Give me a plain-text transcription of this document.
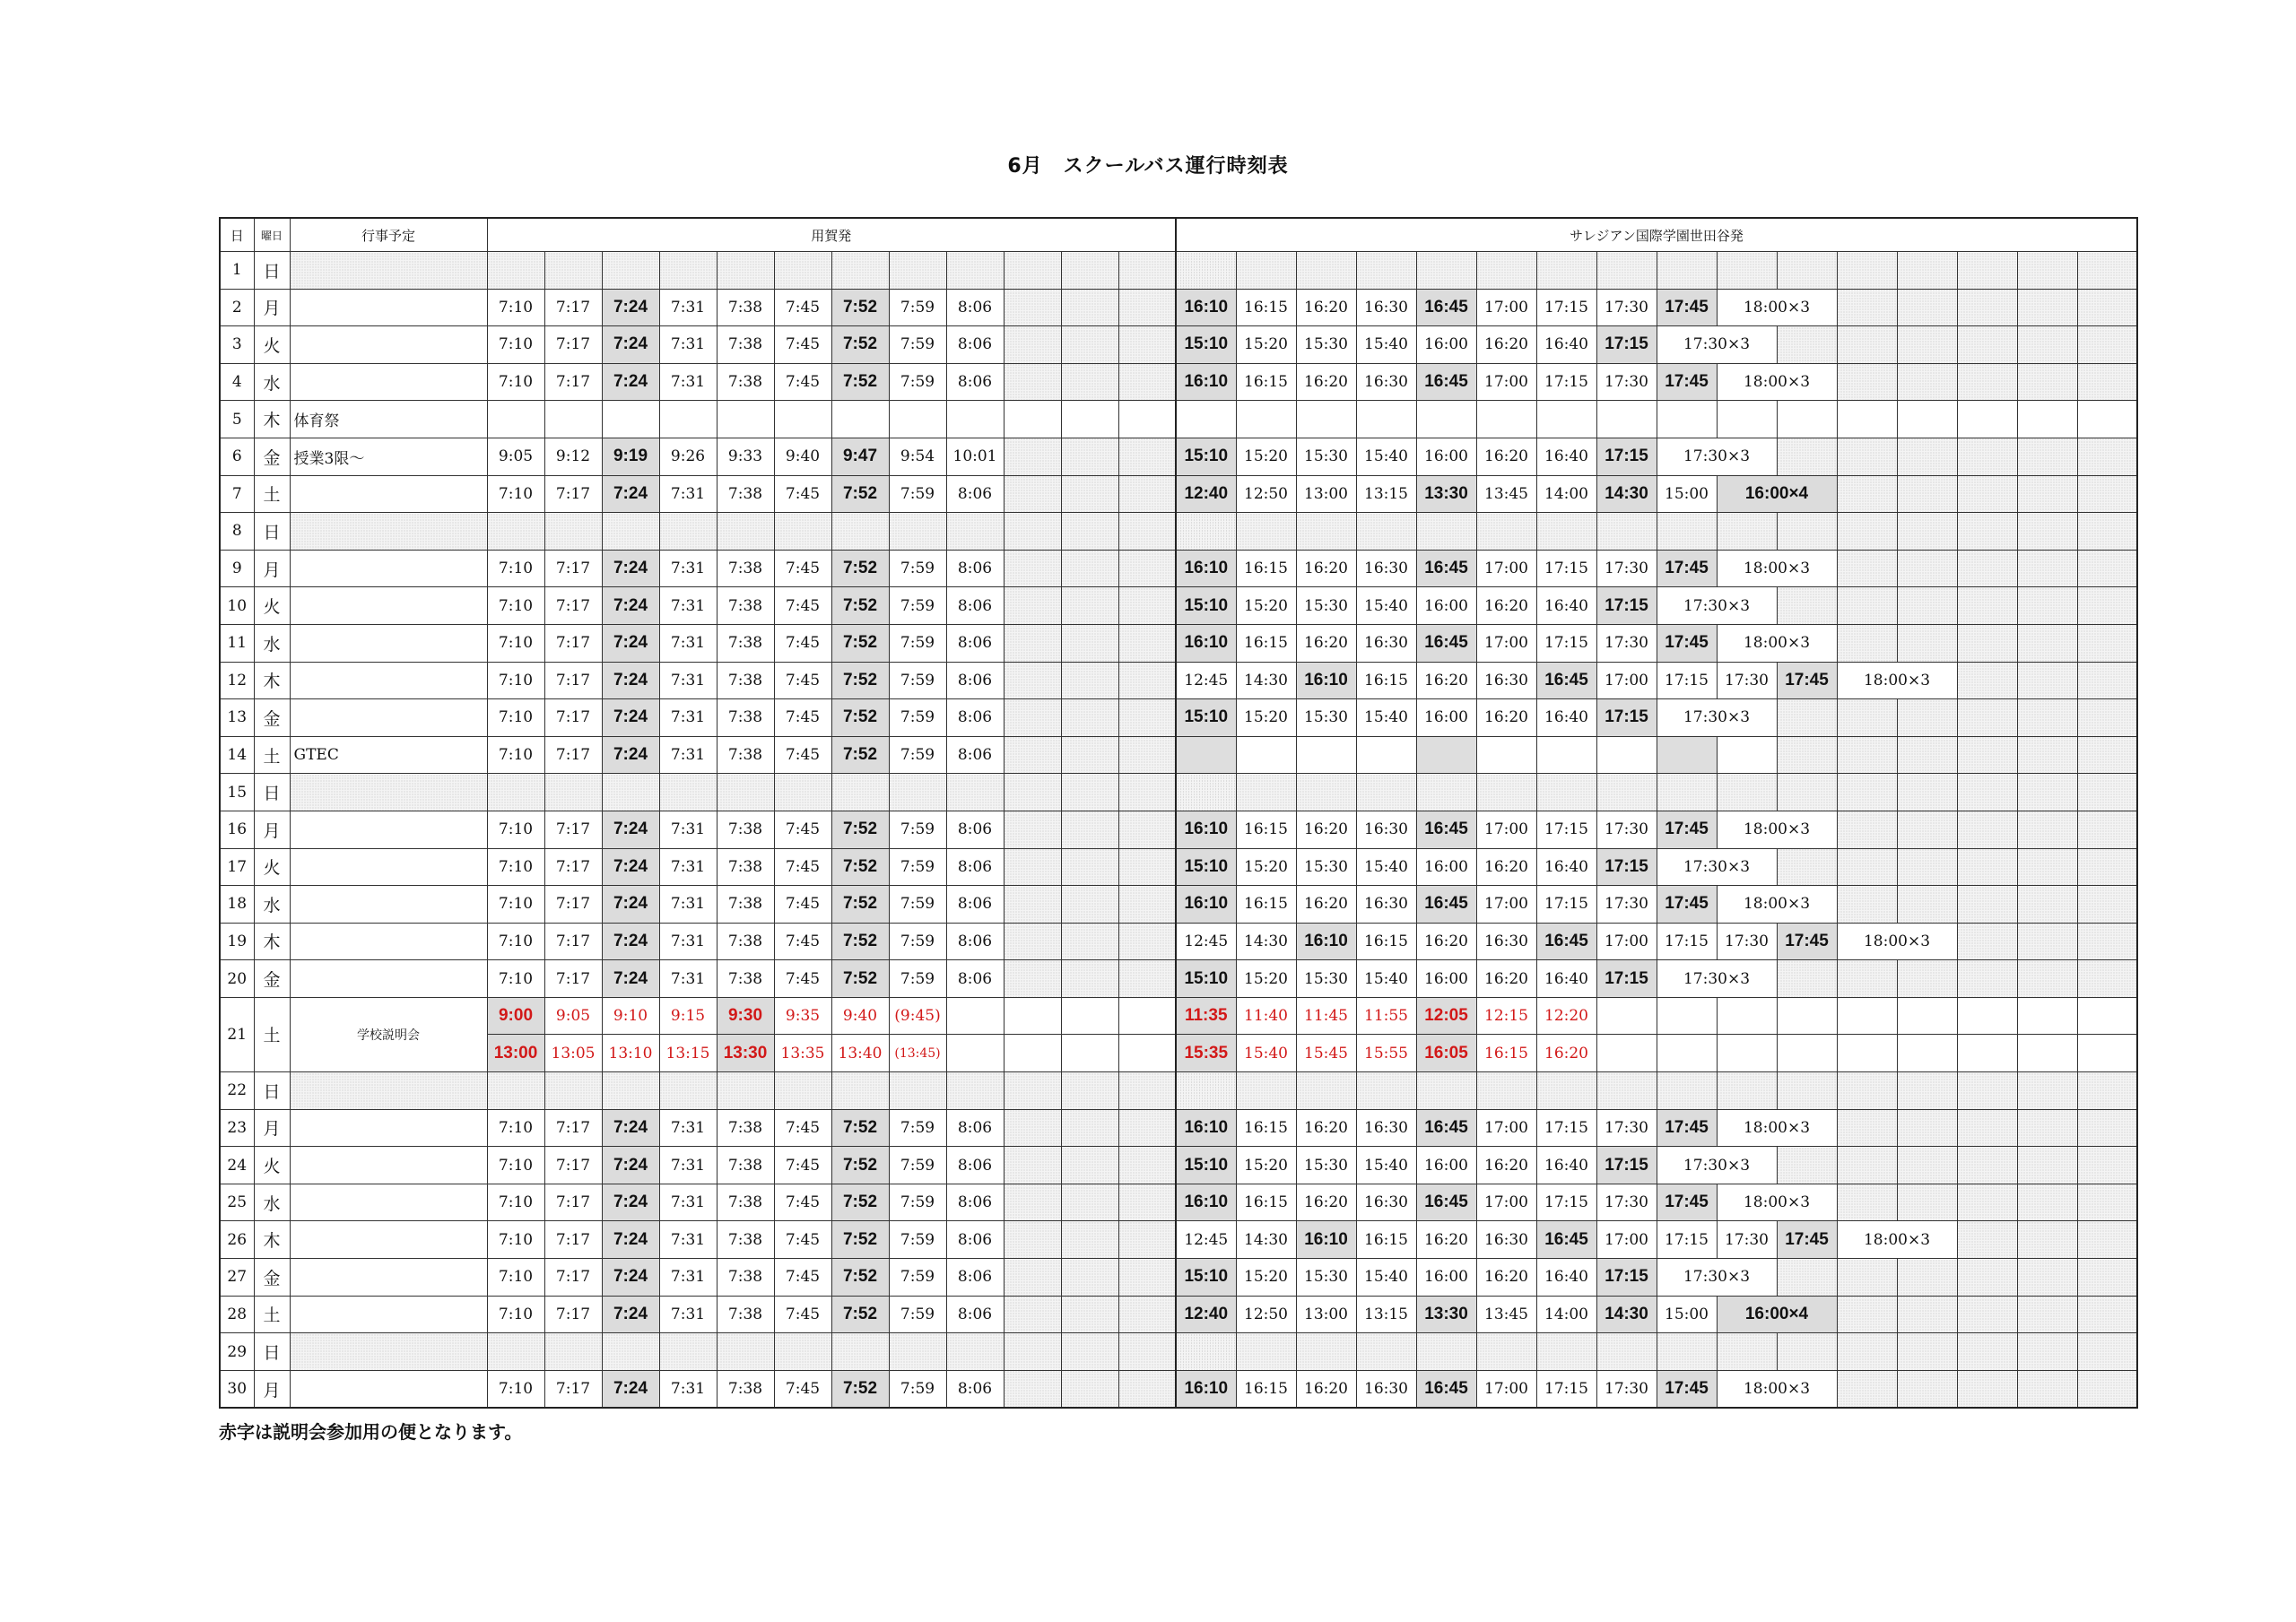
6月　スクールバス運行時刻表
日	曜日	行事予定	用賀発												サレジアン国際学園世田谷発															
1	日																													
2	月		7:10	7:17	7:24	7:31	7:38	7:45	7:52	7:59	8:06				16:10	16:15	16:20	16:30	16:45	17:00	17:15	17:30	17:45	18:00×3						
3	火		7:10	7:17	7:24	7:31	7:38	7:45	7:52	7:59	8:06				15:10	15:20	15:30	15:40	16:00	16:20	16:40	17:15	17:30×3							
4	水		7:10	7:17	7:24	7:31	7:38	7:45	7:52	7:59	8:06				16:10	16:15	16:20	16:30	16:45	17:00	17:15	17:30	17:45	18:00×3						
5	木	体育祭																												
6	金	授業3限～	9:05	9:12	9:19	9:26	9:33	9:40	9:47	9:54	10:01				15:10	15:20	15:30	15:40	16:00	16:20	16:40	17:15	17:30×3							
7	土		7:10	7:17	7:24	7:31	7:38	7:45	7:52	7:59	8:06				12:40	12:50	13:00	13:15	13:30	13:45	14:00	14:30	15:00	16:00×4						
8	日																													
9	月		7:10	7:17	7:24	7:31	7:38	7:45	7:52	7:59	8:06				16:10	16:15	16:20	16:30	16:45	17:00	17:15	17:30	17:45	18:00×3						
10	火		7:10	7:17	7:24	7:31	7:38	7:45	7:52	7:59	8:06				15:10	15:20	15:30	15:40	16:00	16:20	16:40	17:15	17:30×3							
11	水		7:10	7:17	7:24	7:31	7:38	7:45	7:52	7:59	8:06				16:10	16:15	16:20	16:30	16:45	17:00	17:15	17:30	17:45	18:00×3						
12	木		7:10	7:17	7:24	7:31	7:38	7:45	7:52	7:59	8:06				12:45	14:30	16:10	16:15	16:20	16:30	16:45	17:00	17:15	17:30	17:45	18:00×3				
13	金		7:10	7:17	7:24	7:31	7:38	7:45	7:52	7:59	8:06				15:10	15:20	15:30	15:40	16:00	16:20	16:40	17:15	17:30×3							
14	土	GTEC	7:10	7:17	7:24	7:31	7:38	7:45	7:52	7:59	8:06																			
15	日																													
16	月		7:10	7:17	7:24	7:31	7:38	7:45	7:52	7:59	8:06				16:10	16:15	16:20	16:30	16:45	17:00	17:15	17:30	17:45	18:00×3						
17	火		7:10	7:17	7:24	7:31	7:38	7:45	7:52	7:59	8:06				15:10	15:20	15:30	15:40	16:00	16:20	16:40	17:15	17:30×3							
18	水		7:10	7:17	7:24	7:31	7:38	7:45	7:52	7:59	8:06				16:10	16:15	16:20	16:30	16:45	17:00	17:15	17:30	17:45	18:00×3						
19	木		7:10	7:17	7:24	7:31	7:38	7:45	7:52	7:59	8:06				12:45	14:30	16:10	16:15	16:20	16:30	16:45	17:00	17:15	17:30	17:45	18:00×3				
20	金		7:10	7:17	7:24	7:31	7:38	7:45	7:52	7:59	8:06				15:10	15:20	15:30	15:40	16:00	16:20	16:40	17:15	17:30×3							
21	土	学校説明会	9:00	9:05	9:10	9:15	9:30	9:35	9:40	(9:45)					11:35	11:40	11:45	11:55	12:05	12:15	12:20									
			13:00	13:05	13:10	13:15	13:30	13:35	13:40	(13:45)					15:35	15:40	15:45	15:55	16:05	16:15	16:20									
22	日																													
23	月		7:10	7:17	7:24	7:31	7:38	7:45	7:52	7:59	8:06				16:10	16:15	16:20	16:30	16:45	17:00	17:15	17:30	17:45	18:00×3						
24	火		7:10	7:17	7:24	7:31	7:38	7:45	7:52	7:59	8:06				15:10	15:20	15:30	15:40	16:00	16:20	16:40	17:15	17:30×3							
25	水		7:10	7:17	7:24	7:31	7:38	7:45	7:52	7:59	8:06				16:10	16:15	16:20	16:30	16:45	17:00	17:15	17:30	17:45	18:00×3						
26	木		7:10	7:17	7:24	7:31	7:38	7:45	7:52	7:59	8:06				12:45	14:30	16:10	16:15	16:20	16:30	16:45	17:00	17:15	17:30	17:45	18:00×3				
27	金		7:10	7:17	7:24	7:31	7:38	7:45	7:52	7:59	8:06				15:10	15:20	15:30	15:40	16:00	16:20	16:40	17:15	17:30×3							
28	土		7:10	7:17	7:24	7:31	7:38	7:45	7:52	7:59	8:06				12:40	12:50	13:00	13:15	13:30	13:45	14:00	14:30	15:00	16:00×4						
29	日																													
30	月		7:10	7:17	7:24	7:31	7:38	7:45	7:52	7:59	8:06				16:10	16:15	16:20	16:30	16:45	17:00	17:15	17:30	17:45	18:00×3						
赤字は説明会参加用の便となります。
